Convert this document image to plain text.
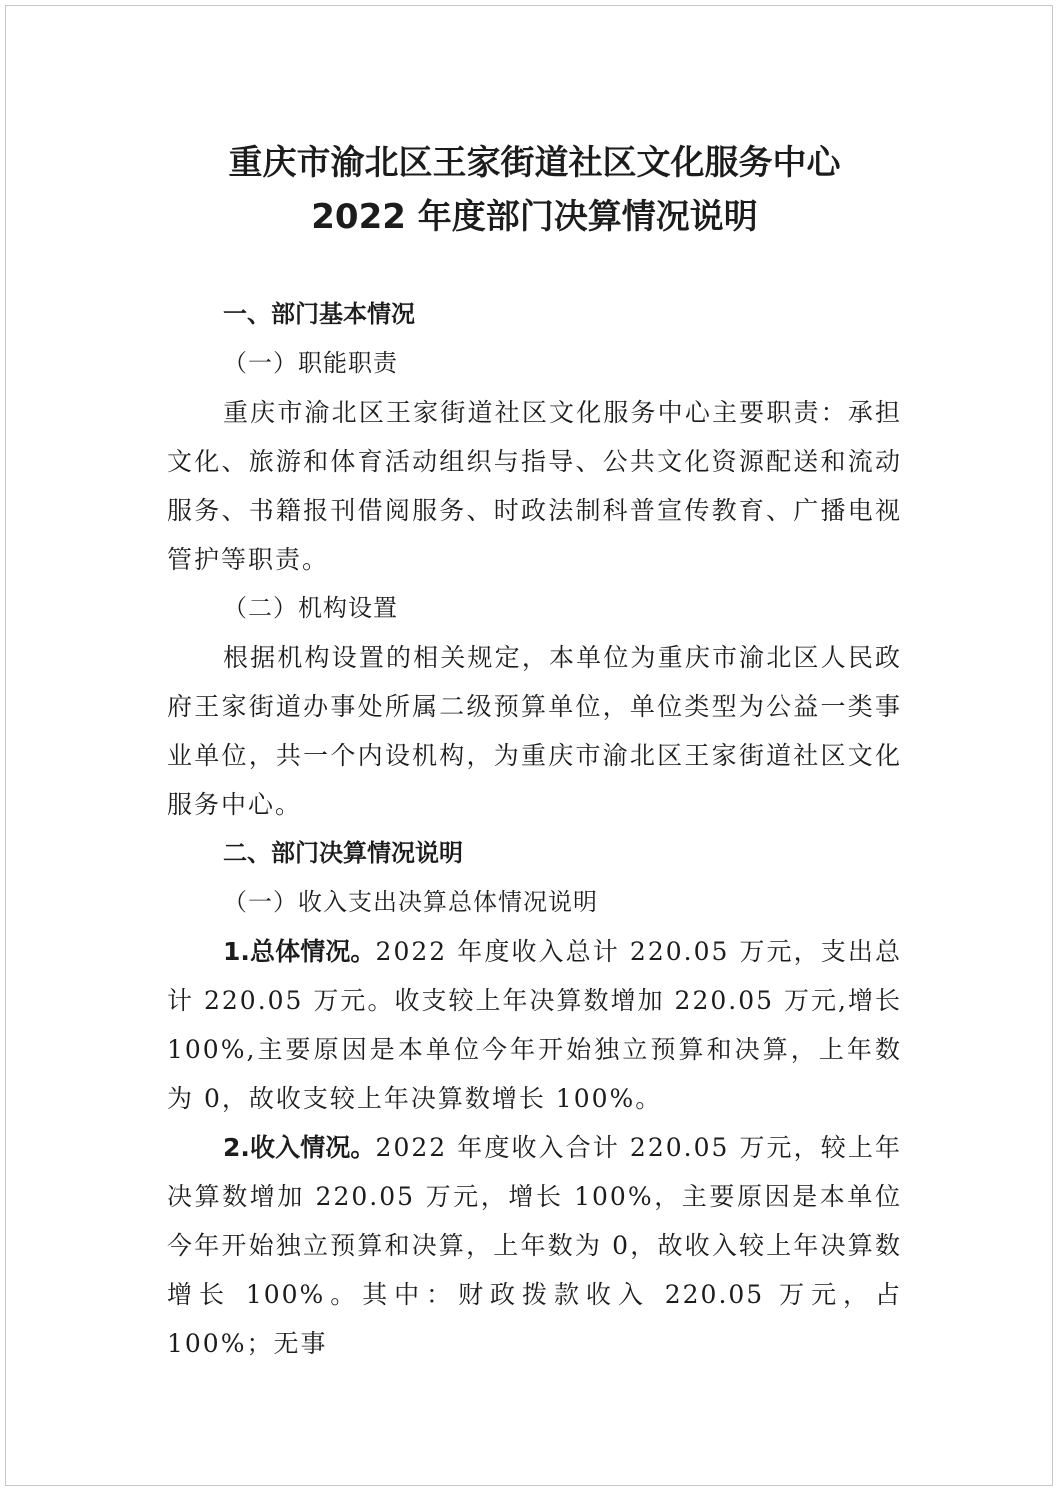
重庆市渝北区王家街道社区文化服务中心
2022 年度部门决算情况说明

一、部门基本情况

（一）职能职责

重庆市渝北区王家街道社区文化服务中心主要职责：承担文化、旅游和体育活动组织与指导、公共文化资源配送和流动服务、书籍报刊借阅服务、时政法制科普宣传教育、广播电视管护等职责。

（二）机构设置

根据机构设置的相关规定，本单位为重庆市渝北区人民政府王家街道办事处所属二级预算单位，单位类型为公益一类事业单位，共一个内设机构，为重庆市渝北区王家街道社区文化服务中心。

二、部门决算情况说明

（一）收入支出决算总体情况说明

1.总体情况。2022 年度收入总计 220.05 万元，支出总计 220.05 万元。收支较上年决算数增加 220.05 万元,增长 100%,主要原因是本单位今年开始独立预算和决算，上年数为 0，故收支较上年决算数增长 100%。

2.收入情况。2022 年度收入合计 220.05 万元，较上年决算数增加 220.05 万元，增长 100%，主要原因是本单位今年开始独立预算和决算，上年数为 0，故收入较上年决算数增长 100%。其中：财政拨款收入 220.05 万元，占 100%；无事
